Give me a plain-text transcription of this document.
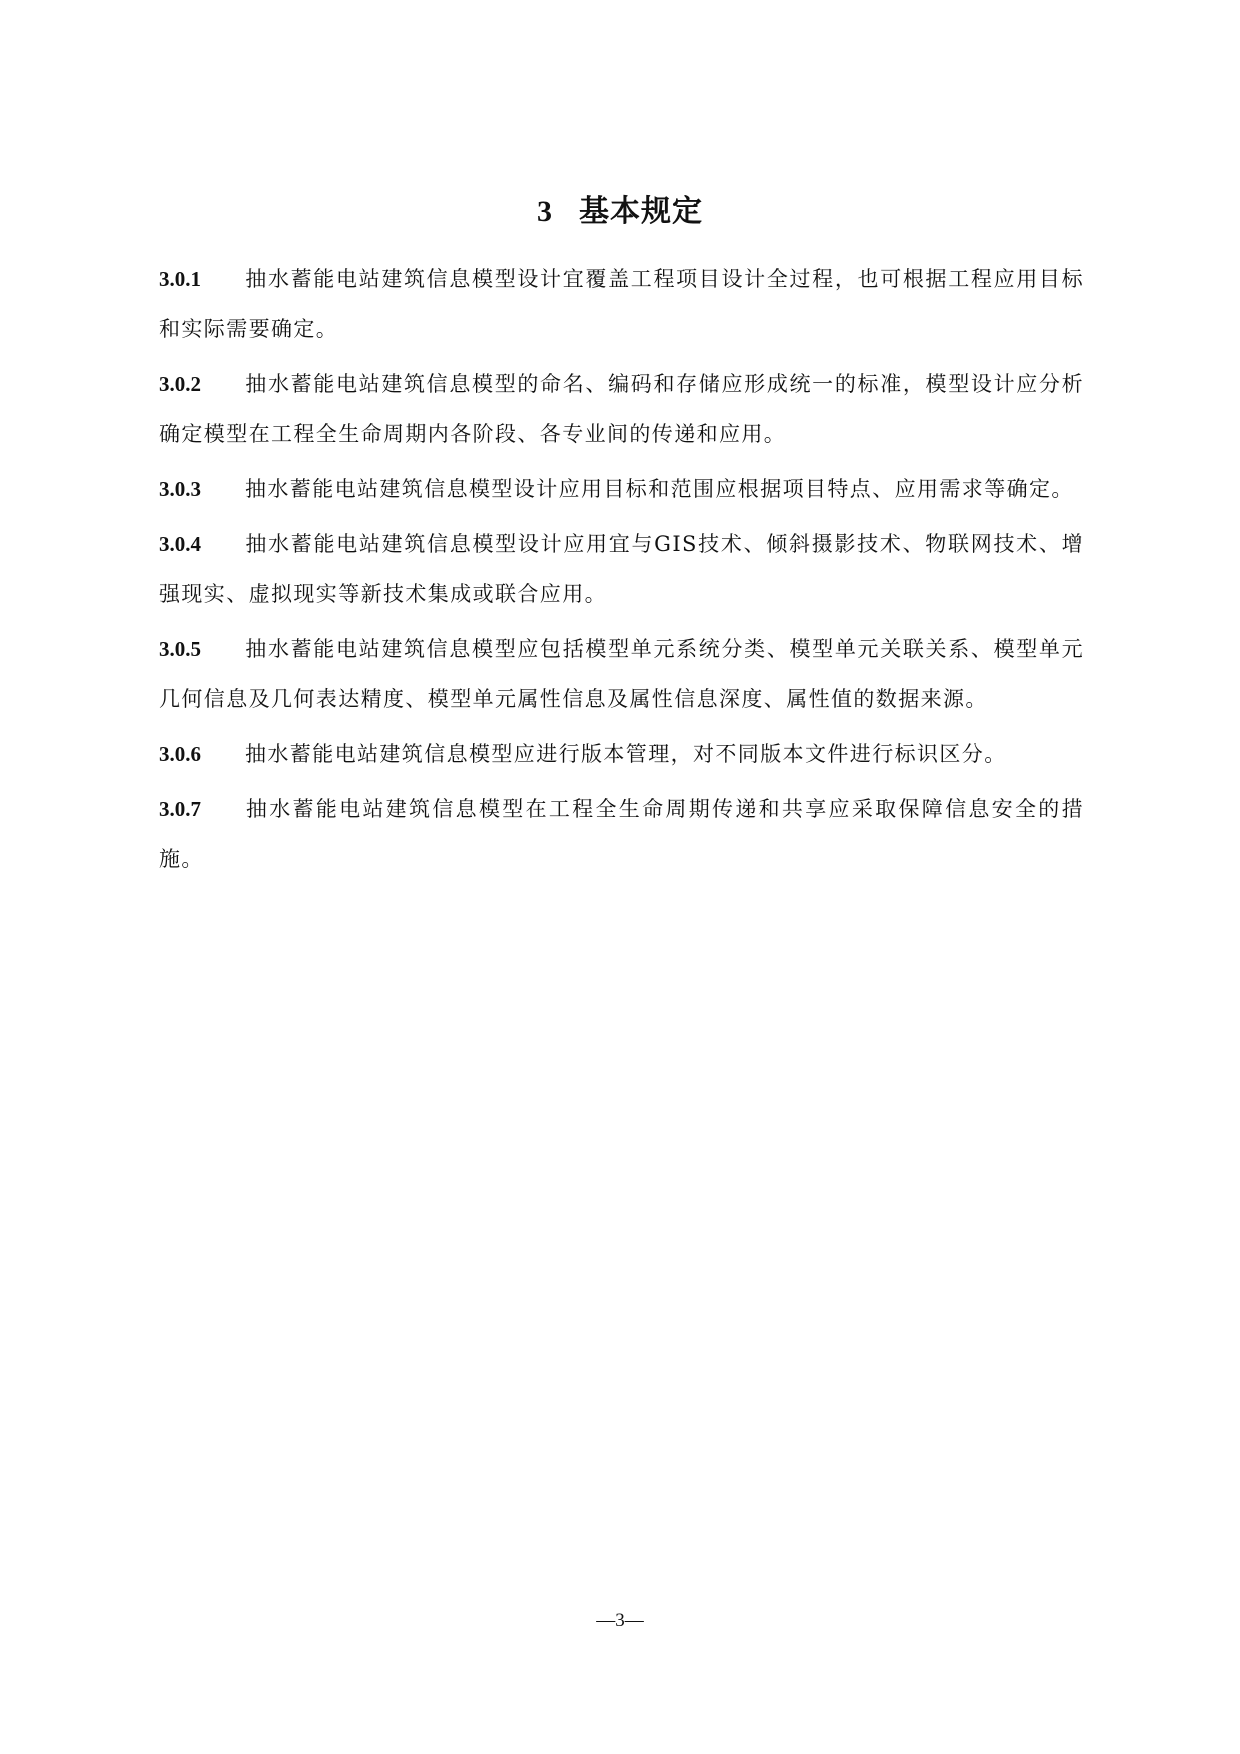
3 基本规定

3.0.1 抽水蓄能电站建筑信息模型设计宜覆盖工程项目设计全过程，也可根据工程应用目标和实际需要确定。

3.0.2 抽水蓄能电站建筑信息模型的命名、编码和存储应形成统一的标准，模型设计应分析确定模型在工程全生命周期内各阶段、各专业间的传递和应用。

3.0.3 抽水蓄能电站建筑信息模型设计应用目标和范围应根据项目特点、应用需求等确定。

3.0.4 抽水蓄能电站建筑信息模型设计应用宜与GIS技术、倾斜摄影技术、物联网技术、增强现实、虚拟现实等新技术集成或联合应用。

3.0.5 抽水蓄能电站建筑信息模型应包括模型单元系统分类、模型单元关联关系、模型单元几何信息及几何表达精度、模型单元属性信息及属性信息深度、属性值的数据来源。

3.0.6 抽水蓄能电站建筑信息模型应进行版本管理，对不同版本文件进行标识区分。

3.0.7 抽水蓄能电站建筑信息模型在工程全生命周期传递和共享应采取保障信息安全的措施。

—3—
